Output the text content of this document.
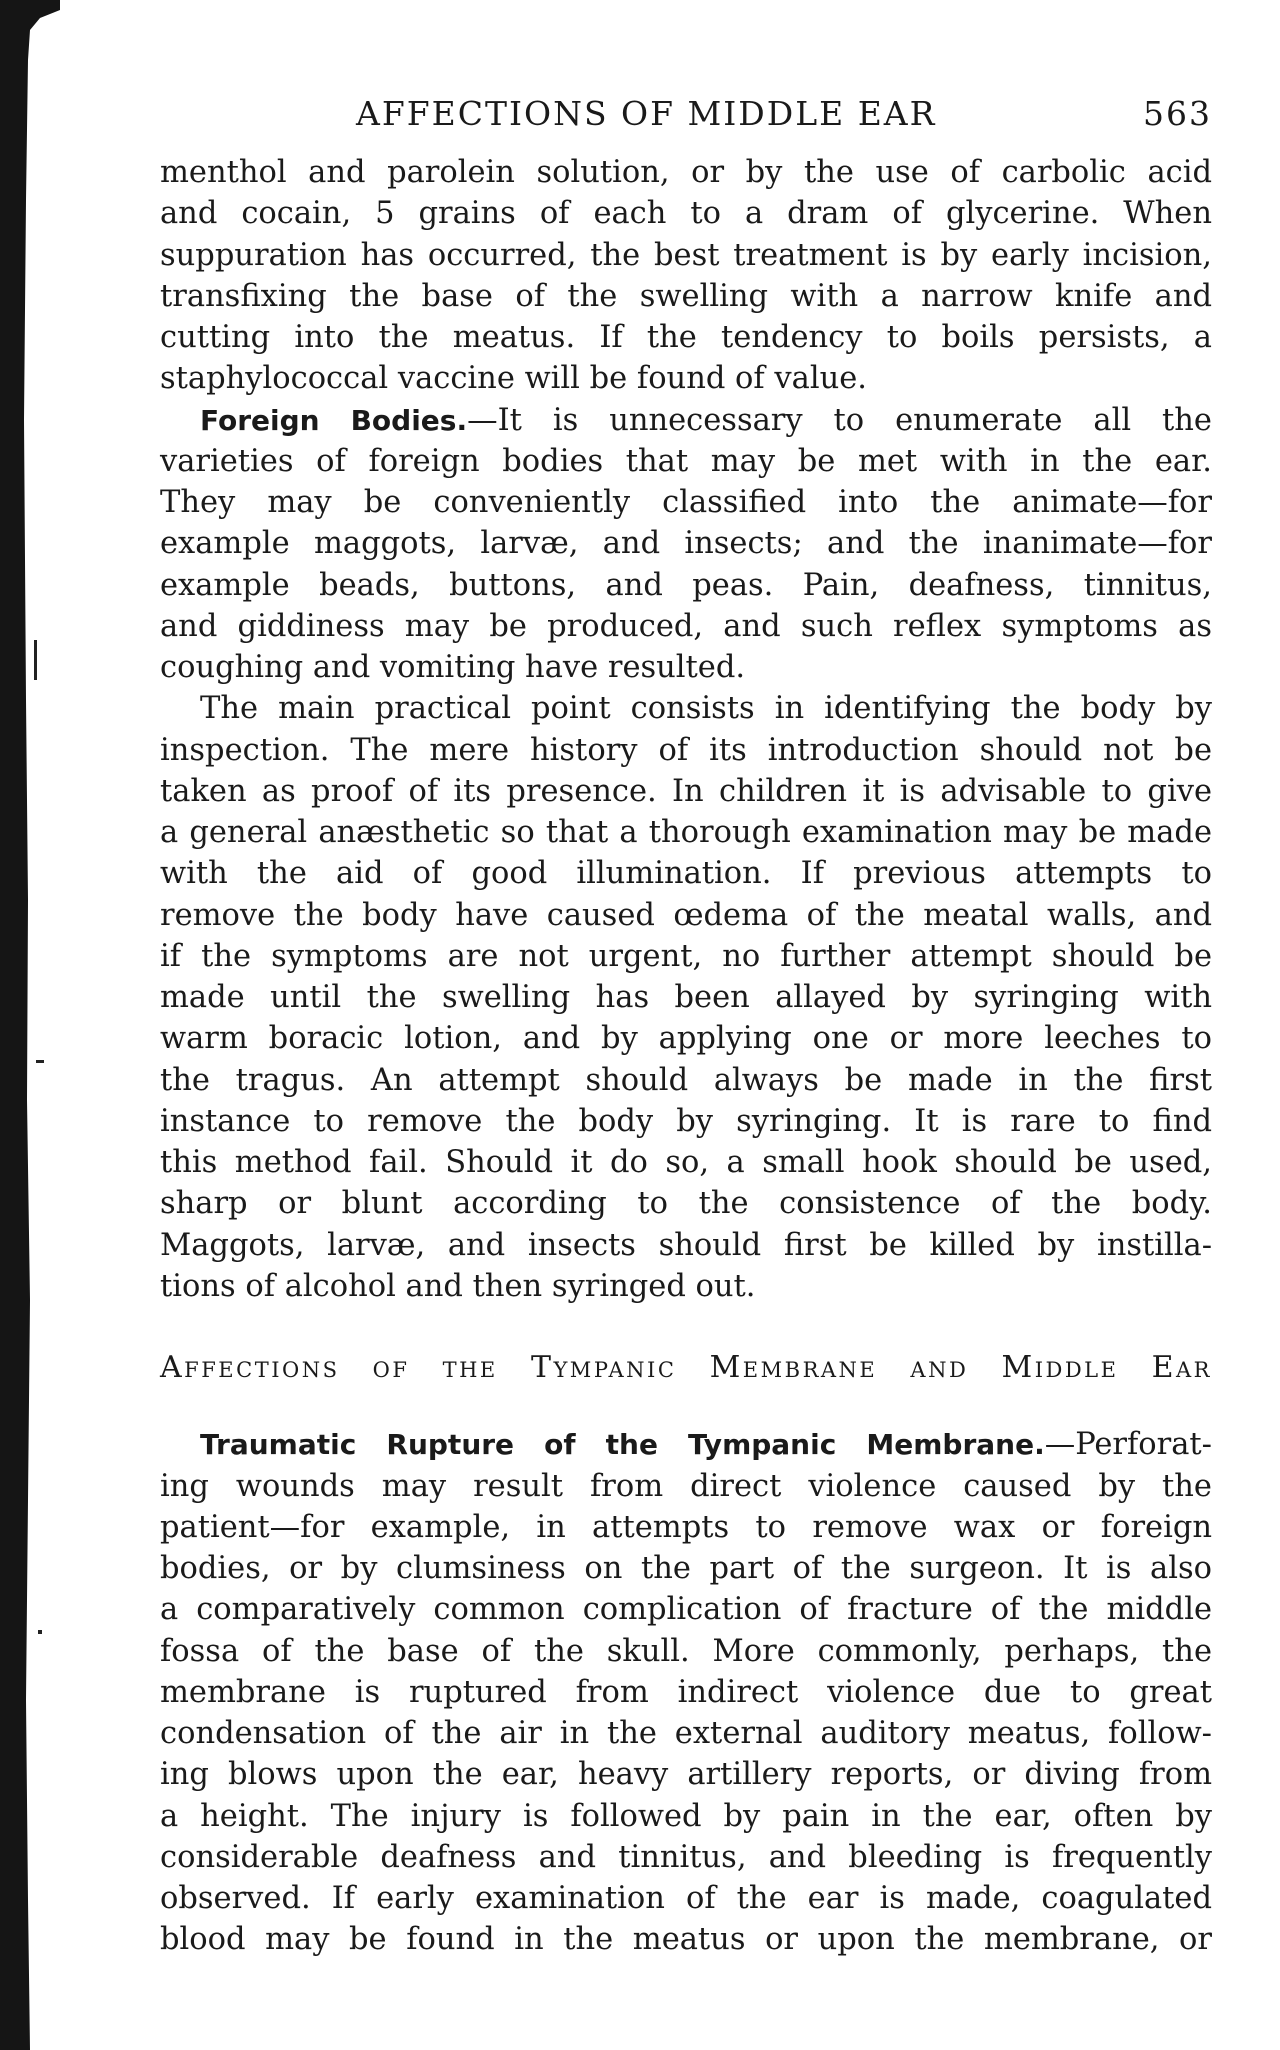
AFFECTIONS OF MIDDLE EAR	563
menthol and parolein solution, or by the use of carbolic acid
and cocain, 5 grains of each to a dram of glycerine. When
suppuration has occurred, the best treatment is by early incision,
transfixing the base of the swelling with a narrow knife and
cutting into the meatus. If the tendency to boils persists, a
staphylococcal vaccine will be found of value.
Foreign Bodies.—It is unnecessary to enumerate all the
varieties of foreign bodies that may be met with in the ear.
They may be conveniently classified into the animate—for
example maggots, larvæ, and insects; and the inanimate—for
example beads, buttons, and peas. Pain, deafness, tinnitus,
and giddiness may be produced, and such reflex symptoms as
coughing and vomiting have resulted.
The main practical point consists in identifying the body by
inspection. The mere history of its introduction should not be
taken as proof of its presence. In children it is advisable to give
a general anæsthetic so that a thorough examination may be made
with the aid of good illumination. If previous attempts to
remove the body have caused œdema of the meatal walls, and
if the symptoms are not urgent, no further attempt should be
made until the swelling has been allayed by syringing with
warm boracic lotion, and by applying one or more leeches to
the tragus. An attempt should always be made in the first
instance to remove the body by syringing. It is rare to find
this method fail. Should it do so, a small hook should be used,
sharp or blunt according to the consistence of the body.
Maggots, larvæ, and insects should first be killed by instilla-
tions of alcohol and then syringed out.
Affections of the Tympanic Membrane and Middle Ear
Traumatic Rupture of the Tympanic Membrane.—Perforat-
ing wounds may result from direct violence caused by the
patient—for example, in attempts to remove wax or foreign
bodies, or by clumsiness on the part of the surgeon. It is also
a comparatively common complication of fracture of the middle
fossa of the base of the skull. More commonly, perhaps, the
membrane is ruptured from indirect violence due to great
condensation of the air in the external auditory meatus, follow-
ing blows upon the ear, heavy artillery reports, or diving from
a height. The injury is followed by pain in the ear, often by
considerable deafness and tinnitus, and bleeding is frequently
observed. If early examination of the ear is made, coagulated
blood may be found in the meatus or upon the membrane, or
